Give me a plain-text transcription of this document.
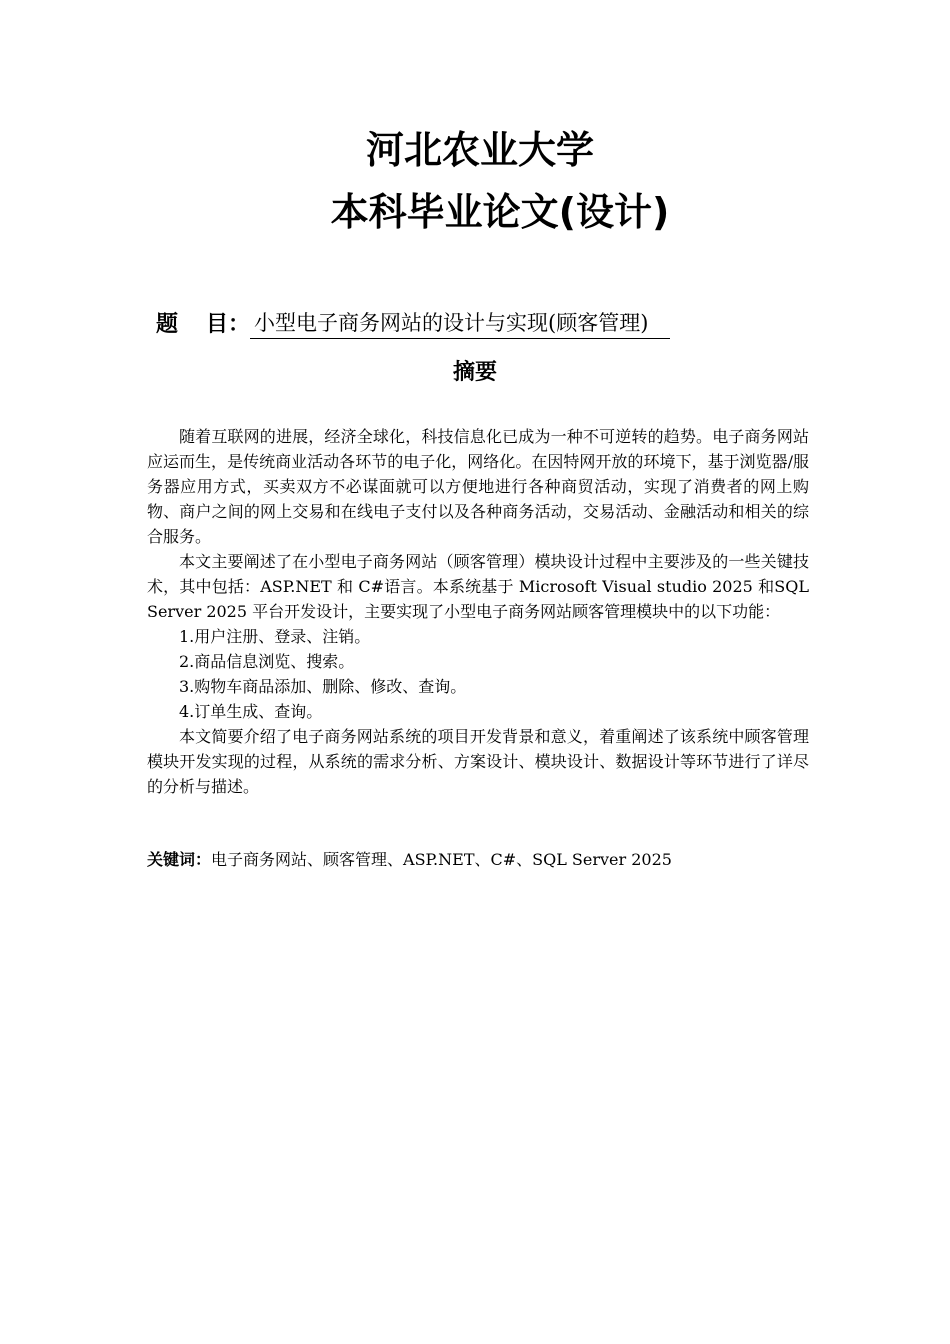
河北农业大学
本科毕业论文(设计)
题 目： 小型电子商务网站的设计与实现(顾客管理)
摘要

随着互联网的进展，经济全球化，科技信息化已成为一种不可逆转的趋势。电子商务网站应运而生，是传统商业活动各环节的电子化，网络化。在因特网开放的环境下，基于浏览器/服务器应用方式，买卖双方不必谋面就可以方便地进行各种商贸活动，实现了消费者的网上购物、商户之间的网上交易和在线电子支付以及各种商务活动，交易活动、金融活动和相关的综合服务。

本文主要阐述了在小型电子商务网站（顾客管理）模块设计过程中主要涉及的一些关键技术，其中包括：ASP.NET 和 C#语言。本系统基于 Microsoft Visual studio 2025 和SQL Server 2025 平台开发设计，主要实现了小型电子商务网站顾客管理模块中的以下功能：

1.用户注册、登录、注销。

2.商品信息浏览、搜索。

3.购物车商品添加、删除、修改、查询。

4.订单生成、查询。

本文简要介绍了电子商务网站系统的项目开发背景和意义，着重阐述了该系统中顾客管理模块开发实现的过程，从系统的需求分析、方案设计、模块设计、数据设计等环节进行了详尽的分析与描述。

关键词：电子商务网站、顾客管理、ASP.NET、C#、SQL Server 2025
